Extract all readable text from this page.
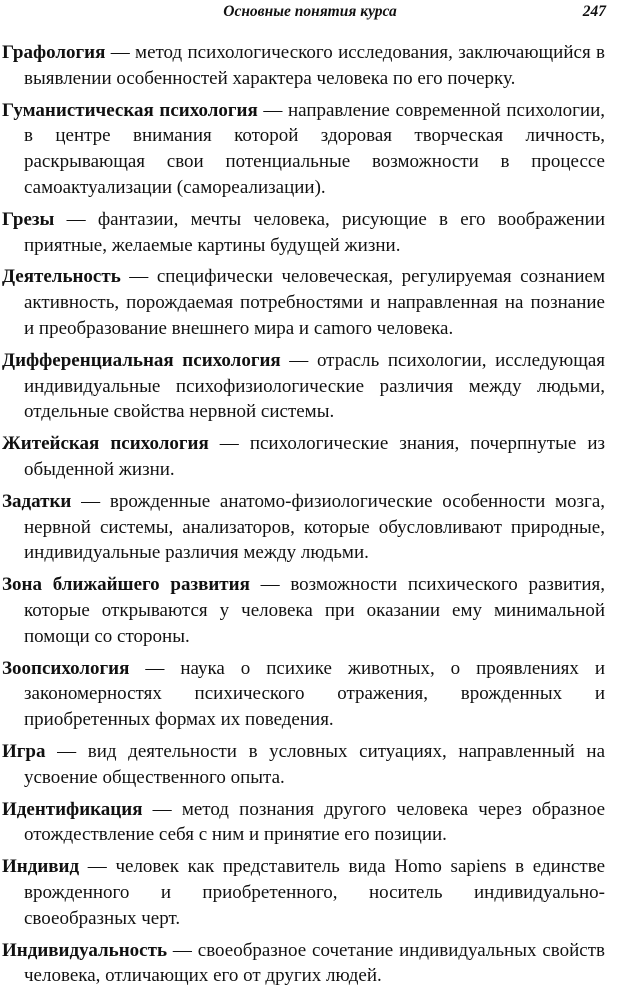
Основные понятия курса	247

Графология — метод психологического исследования, заключающийся в выявлении особенностей характера человека по его почерку.

Гуманистическая психология — направление современной психологии, в центре внимания которой здоровая творческая личность, раскрывающая свои потенциальные возможности в процессе самоактуализации (самореализации).

Грезы — фантазии, мечты человека, рисующие в его воображении приятные, желаемые картины будущей жизни.

Деятельность — специфически человеческая, регулируемая сознанием активность, порождаемая потребностями и направленная на познание и преобразование внешнего мира и саmого человека.

Дифференциальная психология — отрасль психологии, исследующая индивидуальные психофизиологические различия между людьми, отдельные свойства нервной системы.

Житейская психология — психологические знания, почерпнутые из обыденной жизни.

Задатки — врожденные анатомо-физиологические особенности мозга, нервной системы, анализаторов, которые обусловливают природные, индивидуальные различия между людьми.

Зона ближайшего развития — возможности психического развития, которые открываются у человека при оказании ему минимальной помощи со стороны.

Зоопсихология — наука о психике животных, о проявлениях и закономерностях психического отражения, врожденных и приобретенных формах их поведения.

Игра — вид деятельности в условных ситуациях, направленный на усвоение общественного опыта.

Идентификация — метод познания другого человека через образное отождествление себя с ним и принятие его позиции.

Индивид — человек как представитель вида Homo sapiens в единстве врожденного и приобретенного, носитель индивидуально-своеобразных черт.

Индивидуальность — своеобразное сочетание индивидуальных свойств человека, отличающих его от других людей.
